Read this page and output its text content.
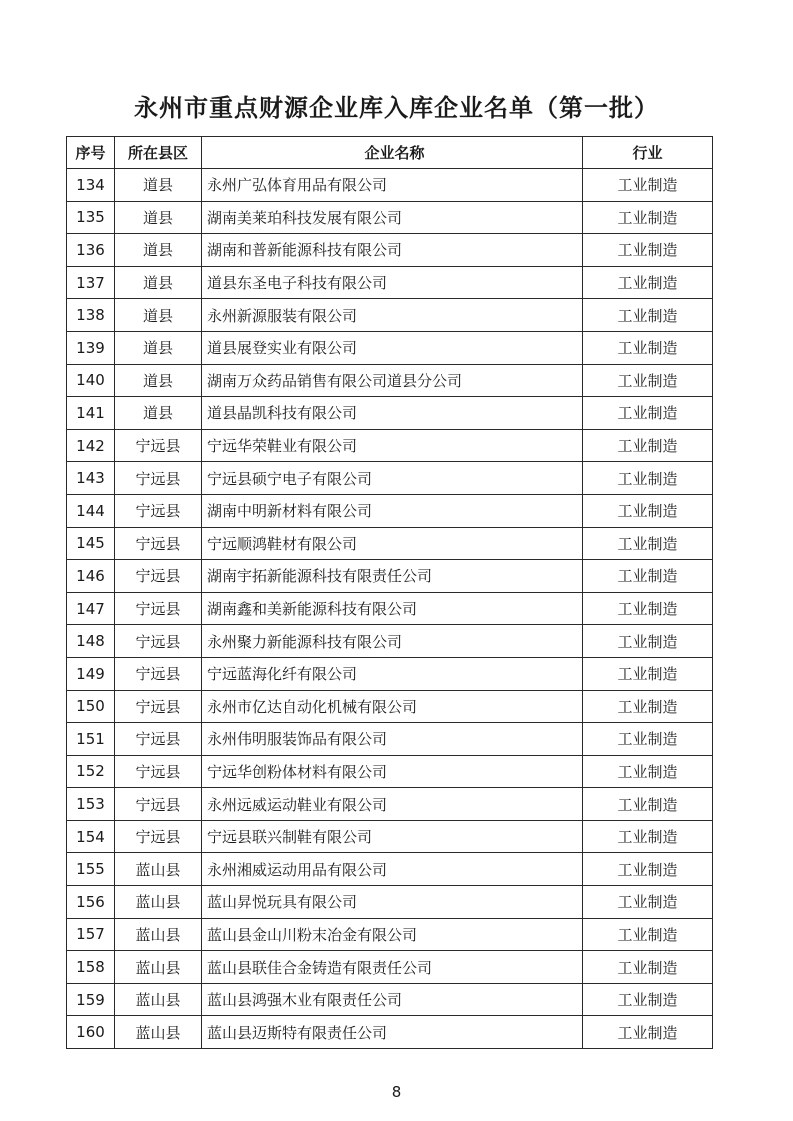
永州市重点财源企业库入库企业名单（第一批）
序号	所在县区	企业名称	行业
134	道县	永州广弘体育用品有限公司	工业制造
135	道县	湖南美莱珀科技发展有限公司	工业制造
136	道县	湖南和普新能源科技有限公司	工业制造
137	道县	道县东圣电子科技有限公司	工业制造
138	道县	永州新源服装有限公司	工业制造
139	道县	道县展登实业有限公司	工业制造
140	道县	湖南万众药品销售有限公司道县分公司	工业制造
141	道县	道县晶凯科技有限公司	工业制造
142	宁远县	宁远华荣鞋业有限公司	工业制造
143	宁远县	宁远县硕宁电子有限公司	工业制造
144	宁远县	湖南中明新材料有限公司	工业制造
145	宁远县	宁远顺鸿鞋材有限公司	工业制造
146	宁远县	湖南宇拓新能源科技有限责任公司	工业制造
147	宁远县	湖南鑫和美新能源科技有限公司	工业制造
148	宁远县	永州聚力新能源科技有限公司	工业制造
149	宁远县	宁远蓝海化纤有限公司	工业制造
150	宁远县	永州市亿达自动化机械有限公司	工业制造
151	宁远县	永州伟明服装饰品有限公司	工业制造
152	宁远县	宁远华创粉体材料有限公司	工业制造
153	宁远县	永州远威运动鞋业有限公司	工业制造
154	宁远县	宁远县联兴制鞋有限公司	工业制造
155	蓝山县	永州湘威运动用品有限公司	工业制造
156	蓝山县	蓝山昇悦玩具有限公司	工业制造
157	蓝山县	蓝山县金山川粉末冶金有限公司	工业制造
158	蓝山县	蓝山县联佳合金铸造有限责任公司	工业制造
159	蓝山县	蓝山县鸿强木业有限责任公司	工业制造
160	蓝山县	蓝山县迈斯特有限责任公司	工业制造
8
